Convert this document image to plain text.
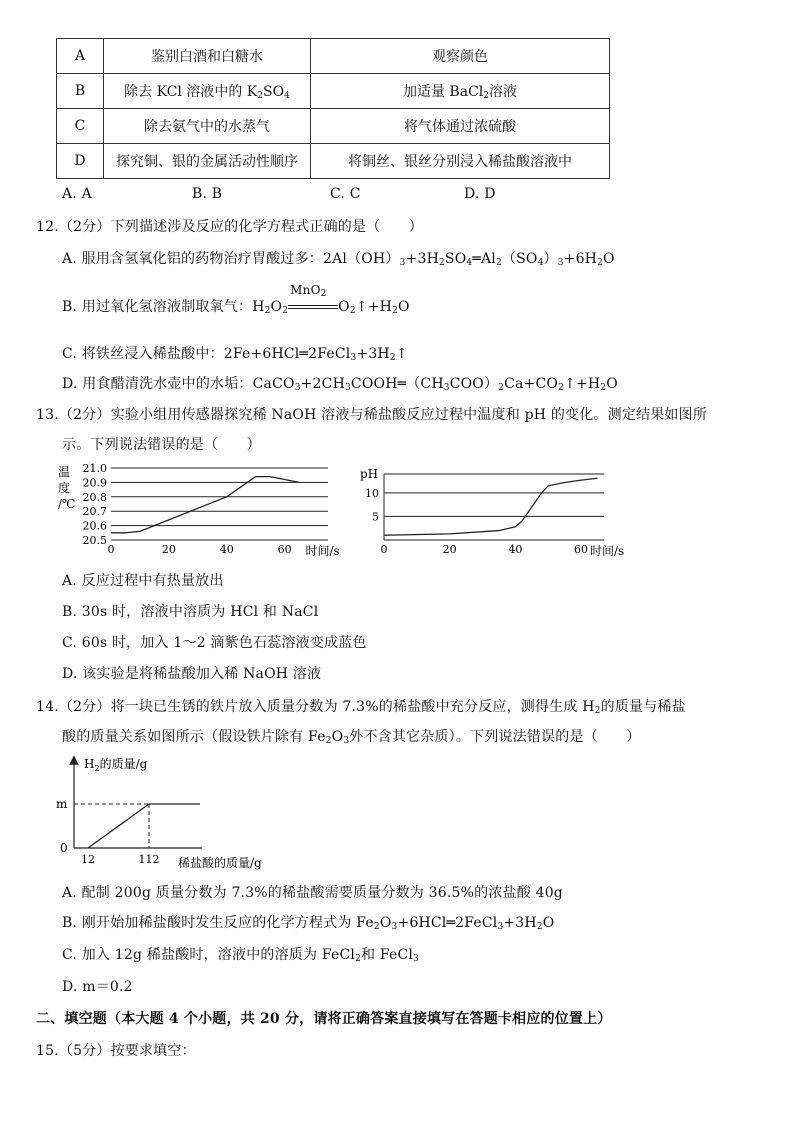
A	鉴别白酒和白糖水	观察颜色
B	除去 KCl 溶液中的 $K_2SO_4$	加适量 BaCl$_2$溶液
C	除去氨气中的水蒸气	将气体通过浓硫酸
D	探究铜、银的金属活动性顺序	将铜丝、银丝分别浸入稀盐酸溶液中
A. A	B. B	C. C	D. D
12.（2分）下列描述涉及反应的化学方程式正确的是（　　）
A. 服用含氢氧化铝的药物治疗胃酸过多：$2Al(OH)_3+3H_2SO_4═Al_2(SO_4)_3+6H_2O$
B. 用过氧化氢溶液制取氧气：$H_2O_2$
MnO$_2$
$O_2↑+H_2O$
C. 将铁丝浸入稀盐酸中：$2Fe+6HCl═2FeCl_3+3H_2↑$
D. 用食醋清洗水壶中的水垢：$CaCO_3+2CH_3COOH═(CH_3COO)_2Ca+CO_2↑+H_2O$
13.（2分）实验小组用传感器探究稀 NaOH 溶液与稀盐酸反应过程中温度和 pH 的变化。测定结果如图所
示。下列说法错误的是（　　）
21.0
20.9
20.8
20.7
20.6
20.5
0	20	40	60 时间/s
温
度
/℃
10
5
0	20	40	60 时间/s
pH
A. 反应过程中有热量放出
B. 30s 时，溶液中溶质为 HCl 和 NaCl
C. 60s 时，加入 1～2 滴紫色石蕊溶液变成蓝色
D. 该实验是将稀盐酸加入稀 NaOH 溶液
14.（2分）将一块已生锈的铁片放入质量分数为 7.3%的稀盐酸中充分反应，测得生成 $H_2$的质量与稀盐
酸的质量关系如图所示（假设铁片除有 $Fe_2O_3$外不含其它杂质）。下列说法错误的是（　　）
m
0
12	112
$H_2$的质量/g
稀盐酸的质量/g
A. 配制 200g 质量分数为 7.3%的稀盐酸需要质量分数为 36.5%的浓盐酸 40g
B. 刚开始加稀盐酸时发生反应的化学方程式为 $Fe_2O_3+6HCl═2FeCl_3+3H_2O$
C. 加入 12g 稀盐酸时，溶液中的溶质为 FeCl$_2$和 FeCl$_3$
D. m＝0.2
二、填空题（本大题 4 个小题，共 20 分，请将正确答案直接填写在答题卡相应的位置上）
15.（5分）按要求填空：
